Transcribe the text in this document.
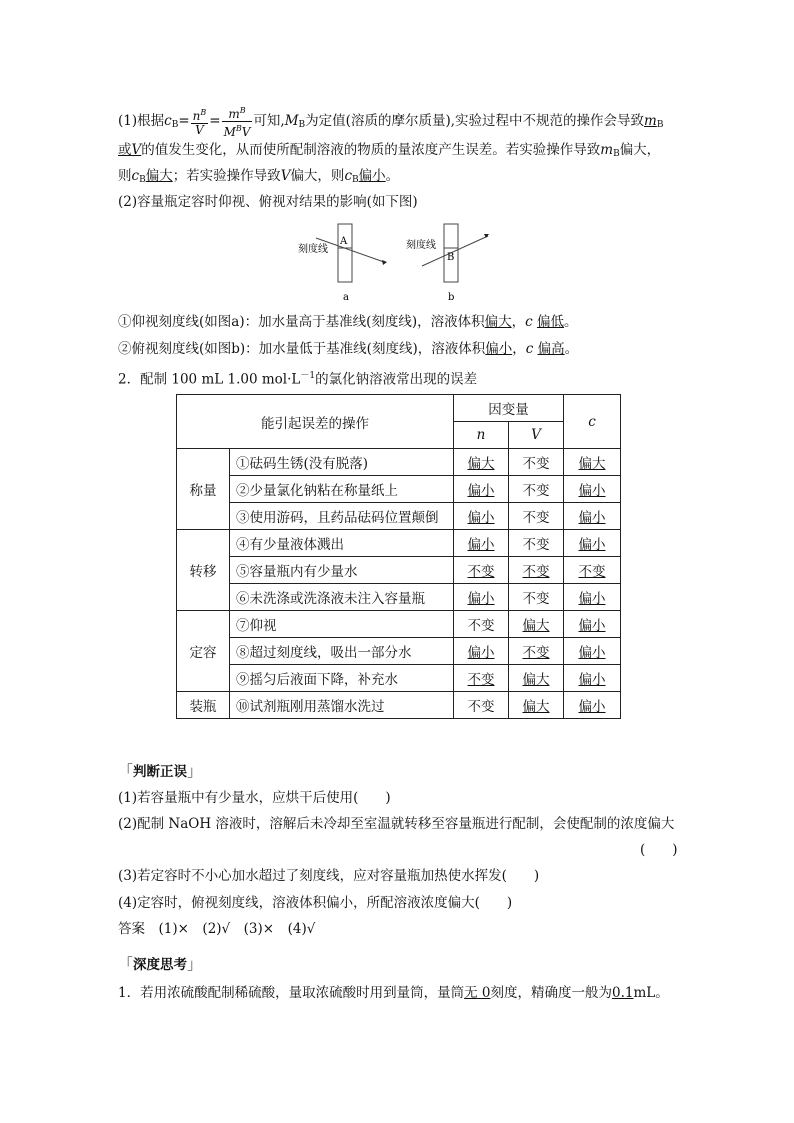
(1)根据$c_B= \frac{n^B}{V} = \frac{m^B}{M^BV}$ 可知$,M_B$为定值(溶质的摩尔质量),实验过程中不规范的操作会导致$m_B$
或V的值发生变化，从而使所配制溶液的物质的量浓度产生误差。若实验操作导致$m_B$偏大，
则$c_B$偏大；若实验操作导致V偏大，则$c_B$偏小。
(2)容量瓶定容时仰视、俯视对结果的影响(如下图)
刻度线
A	刻度线
B
a	b
①仰视刻度线(如图a)：加水量高于基准线(刻度线)，溶液体积偏大，c 偏低。
②俯视刻度线(如图b)：加水量低于基准线(刻度线)，溶液体积偏小，c 偏高。
2．配制 100 mL 1.00 $mol\cdot L^{-1}$的氯化钠溶液常出现的误差
能引起误差的操作		因变量		c
		n	V	
称量	①砝码生锈(没有脱落)	偏大	不变	偏大
	②少量氯化钠粘在称量纸上	偏小	不变	偏小
	③使用游码，且药品砝码位置颠倒	偏小	不变	偏小
转移	④有少量液体溅出	偏小	不变	偏小
	⑤容量瓶内有少量水	不变	不变	不变
	⑥未洗涤或洗涤液未注入容量瓶	偏小	不变	偏小
定容	⑦仰视	不变	偏大	偏小
	⑧超过刻度线，吸出一部分水	偏小	不变	偏小
	⑨摇匀后液面下降，补充水	不变	偏大	偏小
装瓶	⑩试剂瓶刚用蒸馏水洗过	不变	偏大	偏小
「判断正误」
(1)若容量瓶中有少量水，应烘干后使用(　　)
(2)配制 NaOH 溶液时，溶解后未冷却至室温就转移至容量瓶进行配制，会使配制的浓度偏大
(　　)
(3)若定容时不小心加水超过了刻度线，应对容量瓶加热使水挥发(　　)
(4)定容时，俯视刻度线，溶液体积偏小，所配溶液浓度偏大(　　)
答案　(1)×　(2)√　(3)×　(4)√
「深度思考」
1．若用浓硫酸配制稀硫酸，量取浓硫酸时用到量筒，量筒无 0刻度，精确度一般为0.1mL。
